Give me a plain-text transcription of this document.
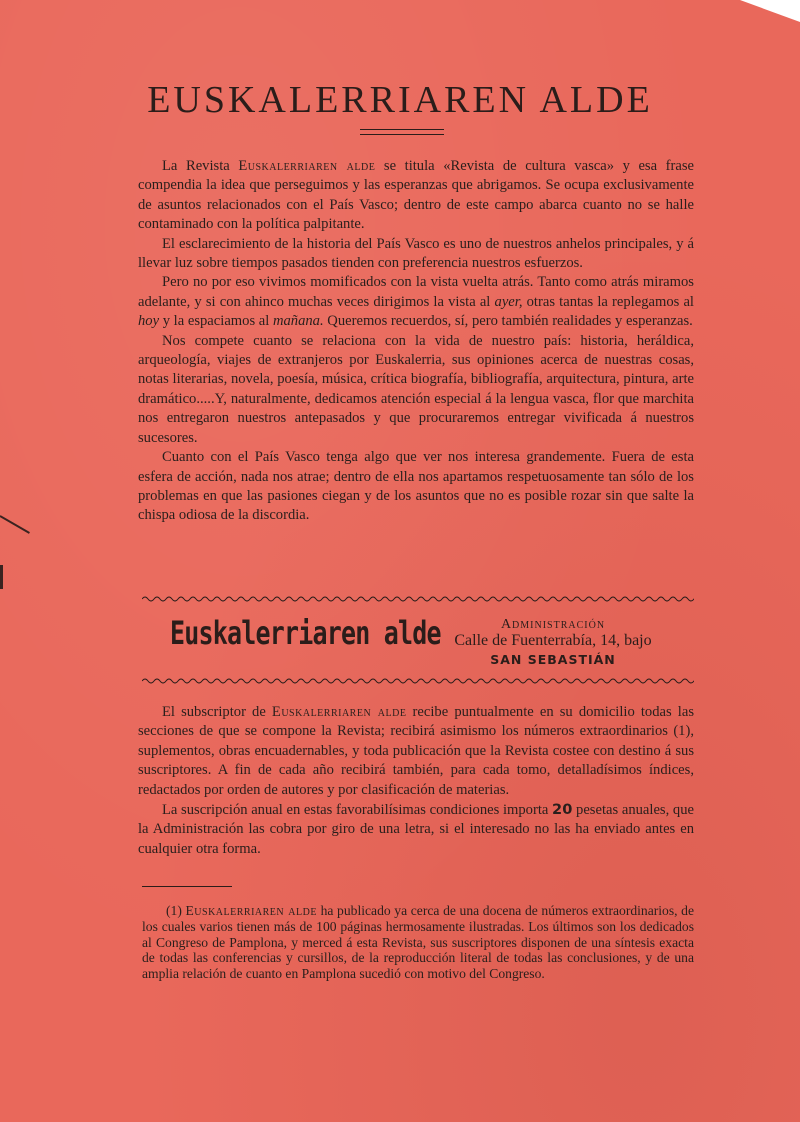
EUSKALERRIAREN ALDE

La Revista Euskalerriaren alde se titula «Revista de cultura vasca» y esa frase compendia la idea que perseguimos y las esperanzas que abrigamos. Se ocupa exclusivamente de asuntos relacionados con el País Vasco; dentro de este campo abarca cuanto no se halle contaminado con la política palpitante.

El esclarecimiento de la historia del País Vasco es uno de nuestros anhelos principales, y á llevar luz sobre tiempos pasados tienden con preferencia nuestros esfuerzos.

Pero no por eso vivimos momificados con la vista vuelta atrás. Tanto como atrás miramos adelante, y si con ahinco muchas veces dirigimos la vista al ayer, otras tantas la replegamos al hoy y la espaciamos al mañana. Queremos recuerdos, sí, pero también realidades y esperanzas.

Nos compete cuanto se relaciona con la vida de nuestro país: historia, heráldica, arqueología, viajes de extranjeros por Euskalerria, sus opiniones acerca de nuestras cosas, notas literarias, novela, poesía, música, crítica biografía, bibliografía, arquitectura, pintura, arte dramático.....Y, naturalmente, dedicamos atención especial á la lengua vasca, flor que marchita nos entregaron nuestros antepasados y que procuraremos entregar vivificada á nuestros sucesores.

Cuanto con el País Vasco tenga algo que ver nos interesa grandemente. Fuera de esta esfera de acción, nada nos atrae; dentro de ella nos apartamos respetuosamente tan sólo de los problemas en que las pasiones ciegan y de los asuntos que no es posible rozar sin que salte la chispa odiosa de la discordia.

Euskalerriaren alde	Administración
Calle de Fuenterrabía, 14, bajo
SAN SEBASTIÁN

El subscriptor de Euskalerriaren alde recibe puntualmente en su domicilio todas las secciones de que se compone la Revista; recibirá asimismo los números extraordinarios (1), suplementos, obras encuadernables, y toda publicación que la Revista costee con destino á sus suscriptores. A fin de cada año recibirá también, para cada tomo, detalladísimos índices, redactados por orden de autores y por clasificación de materias.

La suscripción anual en estas favorabilísimas condiciones importa 20 pesetas anuales, que la Administración las cobra por giro de una letra, si el interesado no las ha enviado antes en cualquier otra forma.

(1) Euskalerriaren alde ha publicado ya cerca de una docena de números extraordinarios, de los cuales varios tienen más de 100 páginas hermosamente ilustradas. Los últimos son los dedicados al Congreso de Pamplona, y merced á esta Revista, sus suscriptores disponen de una síntesis exacta de todas las conferencias y cursillos, de la reproducción literal de todas las conclusiones, y de una amplia relación de cuanto en Pamplona sucedió con motivo del Congreso.
